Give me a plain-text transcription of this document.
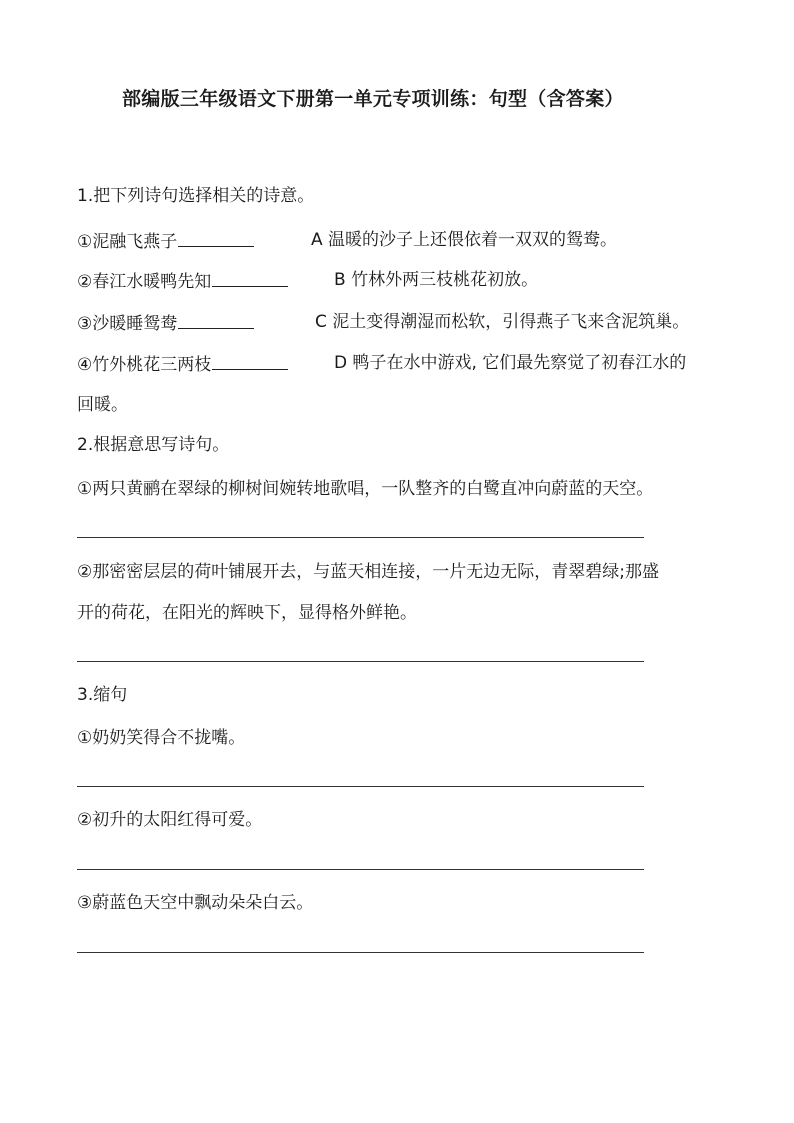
部编版三年级语文下册第一单元专项训练：句型（含答案）
1.把下列诗句选择相关的诗意。
①泥融飞燕子	A 温暖的沙子上还偎依着一双双的鸳鸯。
②春江水暖鸭先知	B 竹林外两三枝桃花初放。
③沙暖睡鸳鸯	C 泥土变得潮湿而松软，引得燕子飞来含泥筑巢。
④竹外桃花三两枝	D 鸭子在水中游戏, 它们最先察觉了初春江水的
回暖。
2.根据意思写诗句。
①两只黄鹂在翠绿的柳树间婉转地歌唱，一队整齐的白鹭直冲向蔚蓝的天空。
②那密密层层的荷叶铺展开去，与蓝天相连接，一片无边无际，青翠碧绿;那盛
开的荷花，在阳光的辉映下，显得格外鲜艳。
3.缩句
①奶奶笑得合不拢嘴。
②初升的太阳红得可爱。
③蔚蓝色天空中飘动朵朵白云。
